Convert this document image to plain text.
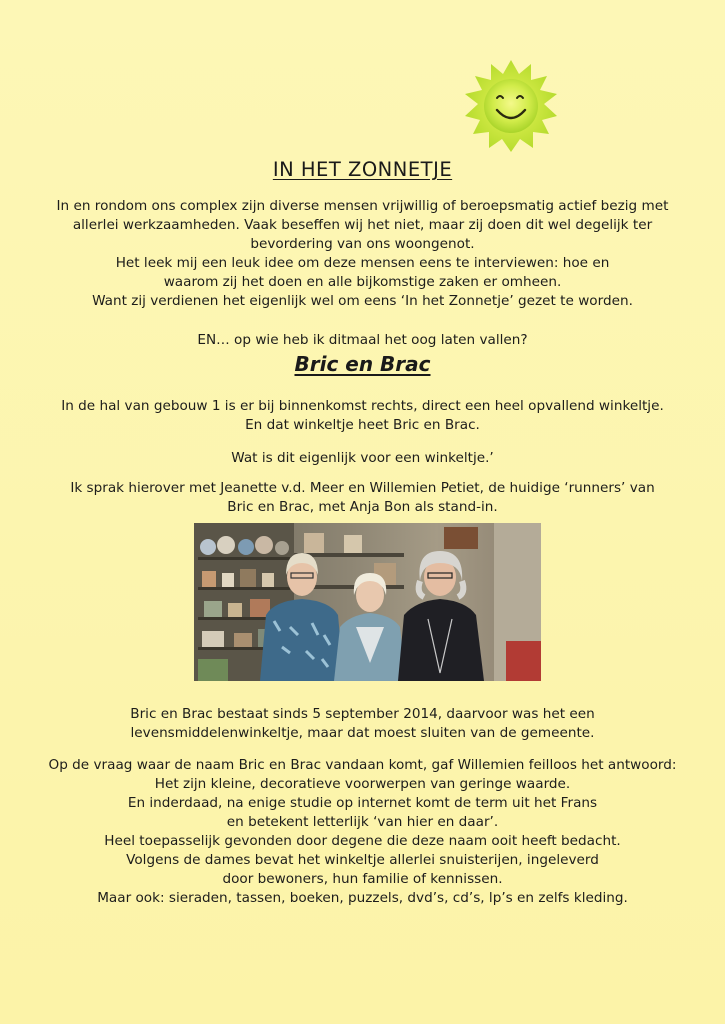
IN HET ZONNETJE

In en rondom ons complex zijn diverse mensen vrijwillig of beroepsmatig actief bezig met
allerlei werkzaamheden. Vaak beseffen wij het niet, maar zij doen dit wel degelijk ter
bevordering van ons woongenot.
Het leek mij een leuk idee om deze mensen eens te interviewen: hoe en
waarom zij het doen en alle bijkomstige zaken er omheen.
Want zij verdienen het eigenlijk wel om eens ‘In het Zonnetje’ gezet te worden.

EN… op wie heb ik ditmaal het oog laten vallen?

Bric en Brac

In de hal van gebouw 1 is er bij binnenkomst rechts, direct een heel opvallend winkeltje.
En dat winkeltje heet Bric en Brac.

Wat is dit eigenlijk voor een winkeltje.’

Ik sprak hierover met Jeanette v.d. Meer en Willemien Petiet, de huidige ‘runners’ van
Bric en Brac, met Anja Bon als stand-in.

Bric en Brac bestaat sinds 5 september 2014, daarvoor was het een
levensmiddelenwinkeltje, maar dat moest sluiten van de gemeente.

Op de vraag waar de naam Bric en Brac vandaan komt, gaf Willemien feilloos het antwoord:
Het zijn kleine, decoratieve voorwerpen van geringe waarde.
En inderdaad, na enige studie op internet komt de term uit het Frans
en betekent letterlijk ‘van hier en daar’.
Heel toepasselijk gevonden door degene die deze naam ooit heeft bedacht.
Volgens de dames bevat het winkeltje allerlei snuisterijen, ingeleverd
door bewoners, hun familie of kennissen.
Maar ook: sieraden, tassen, boeken, puzzels, dvd’s, cd’s, lp’s en zelfs kleding.
